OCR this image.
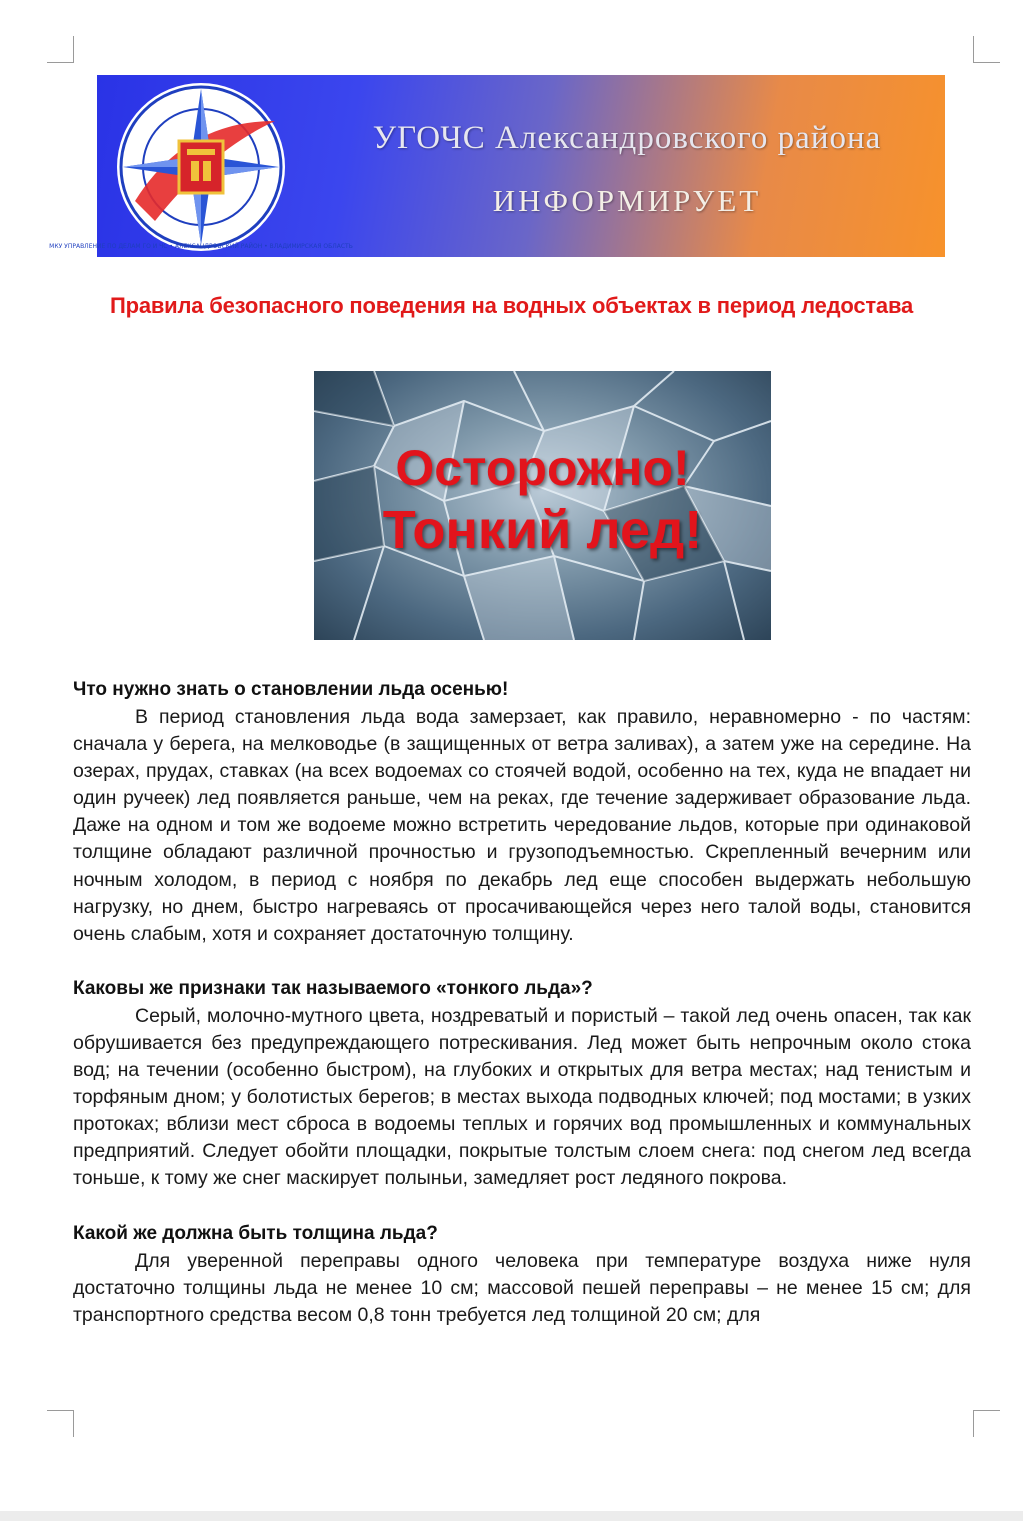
МКУ УПРАВЛЕНИЕ ПО ДЕЛАМ ГО И ЧС • АЛЕКСАНДРОВСКИЙ РАЙОН • ВЛАДИМИРСКАЯ ОБЛАСТЬ
УГОЧС Александровского района
ИНФОРМИРУЕТ
Правила безопасного поведения на водных объектах в период ледостава
Осторожно!
Тонкий лед!
Что нужно знать о становлении льда осенью!

В период становления льда вода замерзает, как правило, неравномерно - по частям: сначала у берега, на мелководье (в защищенных от ветра заливах), а затем уже на середине. На озерах, прудах, ставках (на всех водоемах со стоячей водой, особенно на тех, куда не впадает ни один ручеек) лед появляется раньше, чем на реках, где течение задерживает образование льда. Даже на одном и том же водоеме можно встретить чередование льдов, которые при одинаковой толщине обладают различной прочностью и грузоподъемностью. Скрепленный вечерним или ночным холодом, в период с ноября по декабрь лед еще способен выдержать небольшую нагрузку, но днем, быстро нагреваясь от просачивающейся через него талой воды, становится очень слабым, хотя и сохраняет достаточную толщину.

Каковы же признаки так называемого «тонкого льда»?

Серый, молочно-мутного цвета, ноздреватый и пористый – такой лед очень опасен, так как обрушивается без предупреждающего потрескивания. Лед может быть непрочным около стока вод; на течении (особенно быстром), на глубоких и открытых для ветра местах; над тенистым и торфяным дном; у болотистых берегов; в местах выхода подводных ключей; под мостами; в узких протоках; вблизи мест сброса в водоемы теплых и горячих вод промышленных и коммунальных предприятий. Следует обойти площадки, покрытые толстым слоем снега: под снегом лед всегда тоньше, к тому же снег маскирует полыньи, замедляет рост ледяного покрова.

Какой же должна быть толщина льда?

Для уверенной переправы одного человека при температуре воздуха ниже нуля достаточно толщины льда не менее 10 см; массовой пешей переправы – не менее 15 см; для транспортного средства весом 0,8 тонн требуется лед толщиной 20 см; для
